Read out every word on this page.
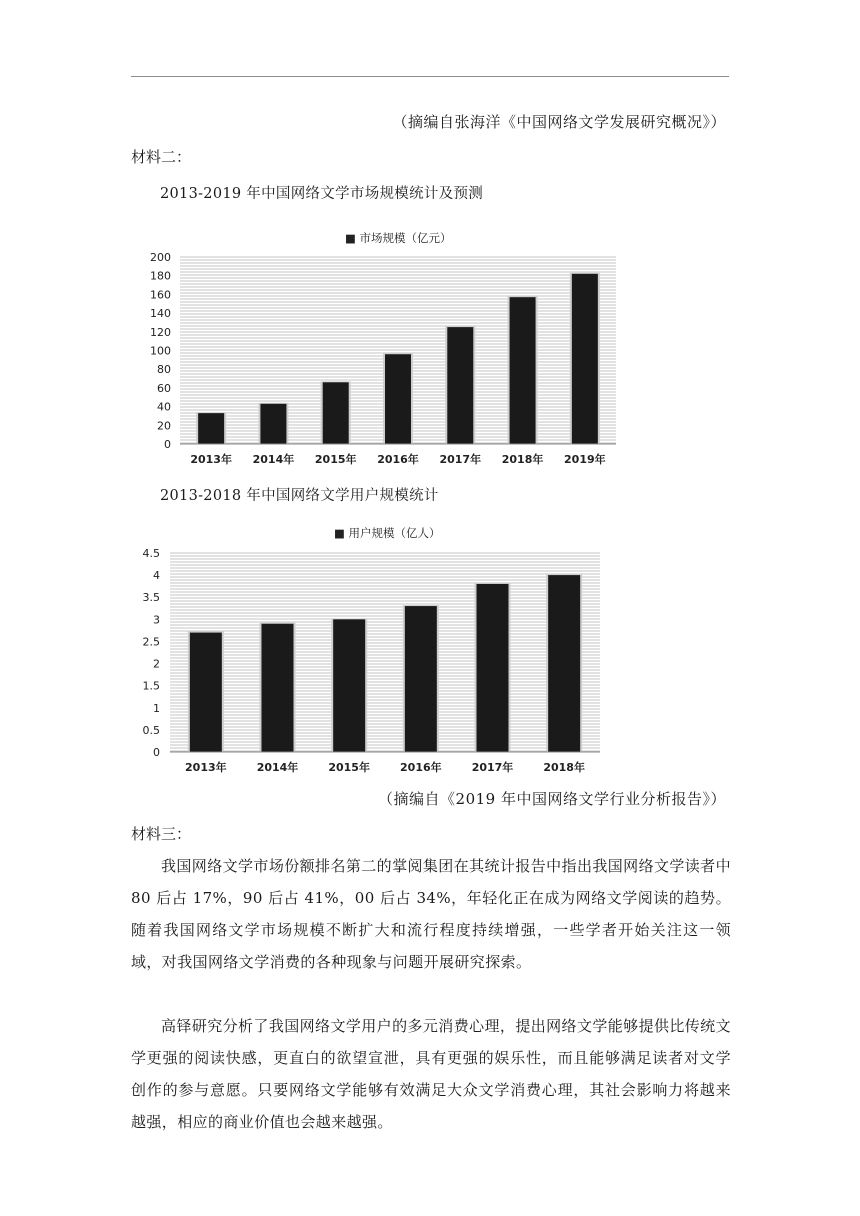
（摘编自张海洋《中国网络文学发展研究概况》）
材料二：
2013-2019 年中国网络文学市场规模统计及预测
0
20
40
60
80
100
120
140
160
180
200
2013年 2014年 2015年 2016年 2017年 2018年 2019年
■ 市场规模（亿元）
0
0.5
1
1.5
2
2.5
3
3.5
4
4.5
2013年	2014年	2015年	2016年	2017年	2018年
■ 用户规模（亿人）
2013-2018 年中国网络文学用户规模统计
（摘编自《2019 年中国网络文学行业分析报告》）
材料三：

我国网络文学市场份额排名第二的掌阅集团在其统计报告中指出我国网络文学读者中 80 后占 17%，90 后占 41%，00 后占 34%，年轻化正在成为网络文学阅读的趋势。随着我国网络文学市场规模不断扩大和流行程度持续增强，一些学者开始关注这一领域，对我国网络文学消费的各种现象与问题开展研究探索。

高铎研究分析了我国网络文学用户的多元消费心理，提出网络文学能够提供比传统文学更强的阅读快感，更直白的欲望宣泄，具有更强的娱乐性，而且能够满足读者对文学创作的参与意愿。只要网络文学能够有效满足大众文学消费心理，其社会影响力将越来越强，相应的商业价值也会越来越强。
